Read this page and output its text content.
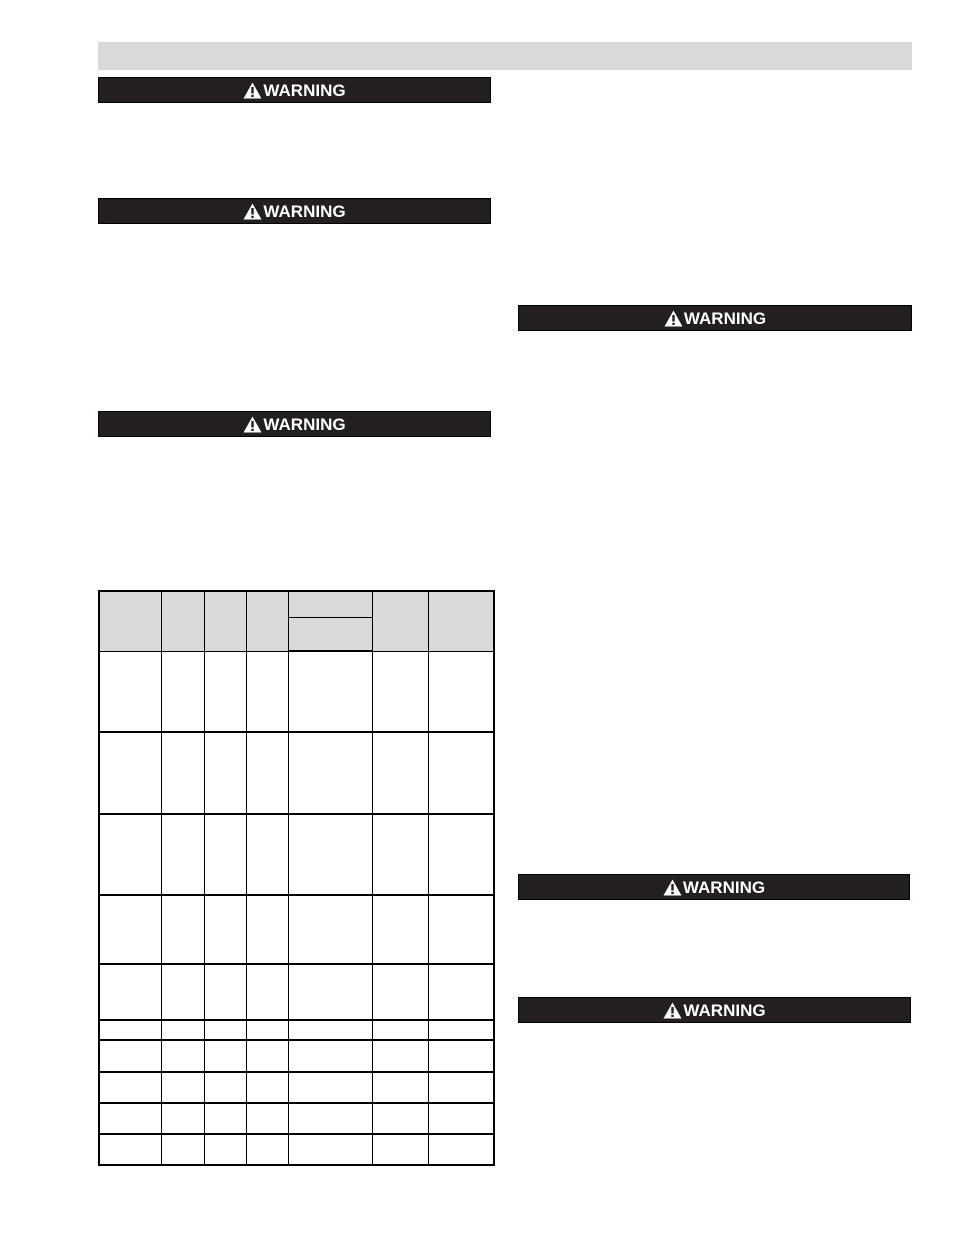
WARNING
WARNING
WARNING
WARNING
WARNING
WARNING
